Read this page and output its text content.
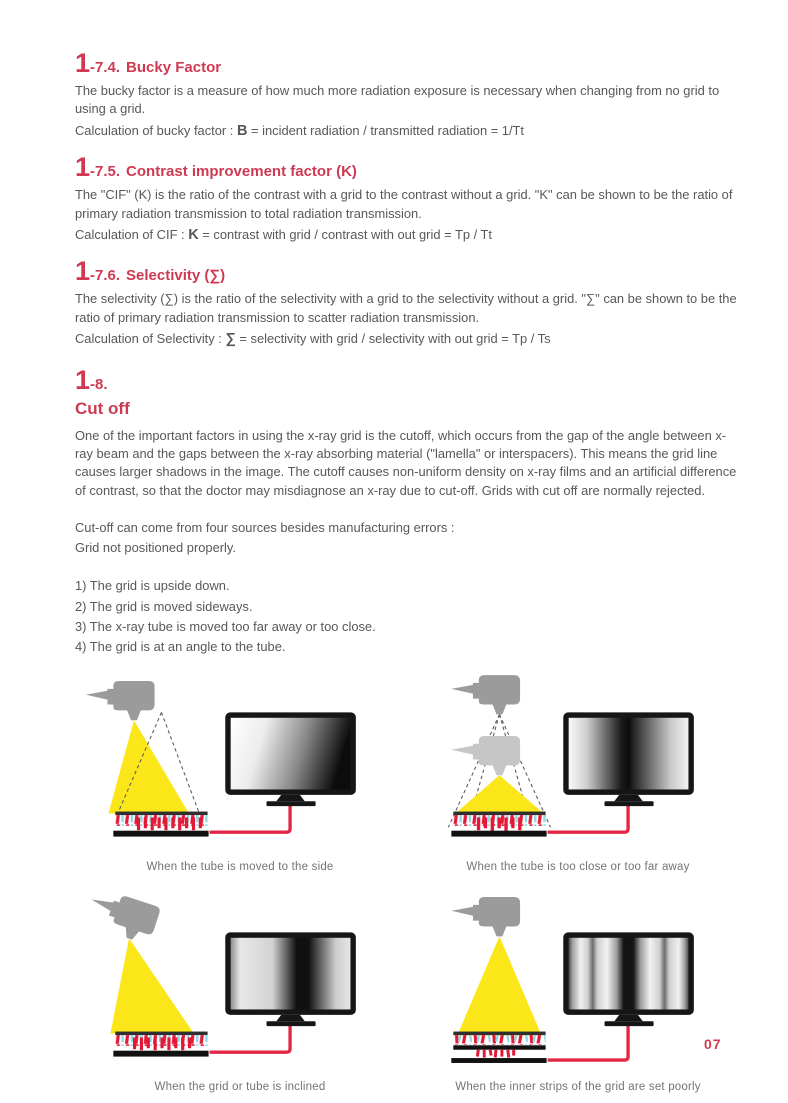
1-7.4. Bucky Factor

The bucky factor is a measure of how much more radiation exposure is necessary when changing from no grid to using a grid.

Calculation of bucky factor : B = incident radiation / transmitted radiation = 1/Tt

1-7.5. Contrast improvement factor (K)

The "CIF" (K) is the ratio of the contrast with a grid to the contrast without a grid. "K" can be shown to be the ratio of primary radiation transmission to total radiation transmission.

Calculation of CIF : K = contrast with grid / contrast with out grid = Tp / Tt

1-7.6. Selectivity (∑)

The selectivity (∑) is the ratio of the selectivity with a grid to the selectivity without a grid. "∑" can be shown to be the ratio of primary radiation transmission to scatter radiation transmission.

Calculation of Selectivity : ∑ = selectivity with grid / selectivity with out grid = Tp / Ts

1-8.
Cut off

One of the important factors in using the x-ray grid is the cutoff, which occurs from the gap of the angle between x-ray beam and the gaps between the x-ray absorbing material ("lamella" or interspacers). This means the grid line causes larger shadows in the image. The cutoff causes non-uniform density on x-ray films and an artificial difference of contrast, so that the doctor may misdiagnose an x-ray due to cut-off. Grids with cut off are normally rejected.

Cut-off can come from four sources besides manufacturing errors :

Grid not positioned properly.

1) The grid is upside down.
2) The grid is moved sideways.
3) The x-ray tube is moved too far away or too close.
4) The grid is at an angle to the tube.
When the tube is moved to the side	When the tube is too close or too far away
When the grid or tube is inclined	When the inner strips of the grid are set poorly
07
